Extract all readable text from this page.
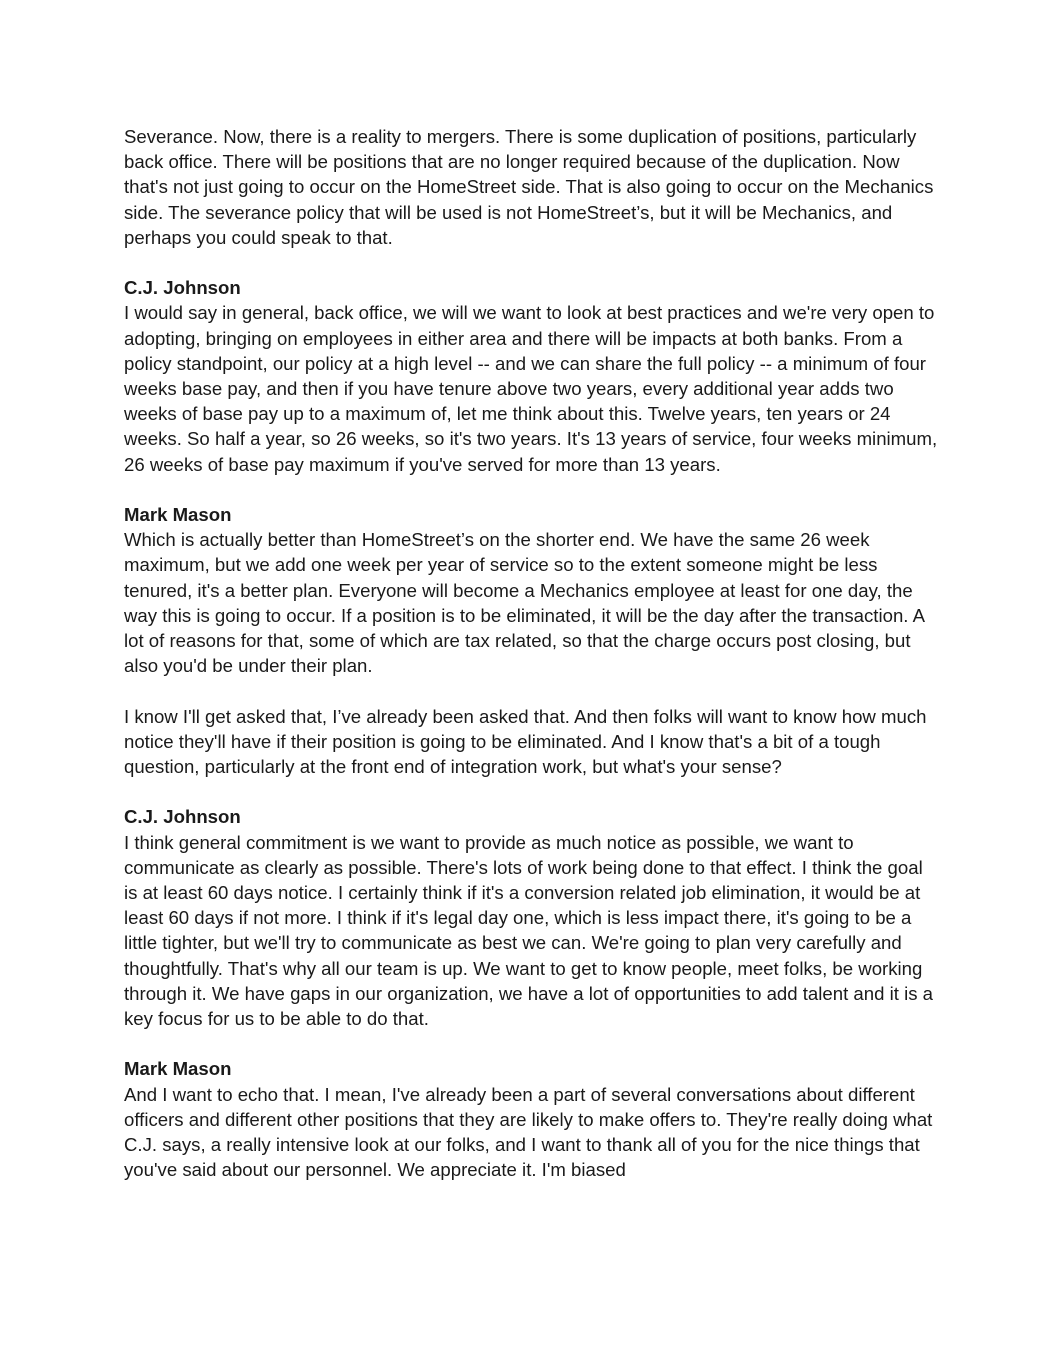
Severance. Now, there is a reality to mergers. There is some duplication of positions, particularly back office. There will be positions that are no longer required because of the duplication. Now that's not just going to occur on the HomeStreet side. That is also going to occur on the Mechanics side. The severance policy that will be used is not HomeStreet’s, but it will be Mechanics, and perhaps you could speak to that.
C.J. Johnson
I would say in general, back office, we will we want to look at best practices and we're very open to adopting, bringing on employees in either area and there will be impacts at both banks. From a policy standpoint, our policy at a high level -- and we can share the full policy -- a minimum of four weeks base pay, and then if you have tenure above two years, every additional year adds two weeks of base pay up to a maximum of, let me think about this. Twelve years, ten years or 24 weeks. So half a year, so 26 weeks, so it's two years. It's 13 years of service, four weeks minimum, 26 weeks of base pay maximum if you've served for more than 13 years.
Mark Mason
Which is actually better than HomeStreet’s on the shorter end. We have the same 26 week maximum, but we add one week per year of service so to the extent someone might be less tenured, it's a better plan. Everyone will become a Mechanics employee at least for one day, the way this is going to occur. If a position is to be eliminated, it will be the day after the transaction. A lot of reasons for that, some of which are tax related, so that the charge occurs post closing, but also you'd be under their plan.
I know I'll get asked that, I’ve already been asked that. And then folks will want to know how much notice they'll have if their position is going to be eliminated. And I know that's a bit of a tough question, particularly at the front end of integration work, but what's your sense?
C.J. Johnson
I think general commitment is we want to provide as much notice as possible, we want to communicate as clearly as possible. There's lots of work being done to that effect. I think the goal is at least 60 days notice. I certainly think if it's a conversion related job elimination, it would be at least 60 days if not more. I think if it's legal day one, which is less impact there, it's going to be a little tighter, but we'll try to communicate as best we can. We're going to plan very carefully and thoughtfully. That's why all our team is up. We want to get to know people, meet folks, be working through it. We have gaps in our organization, we have a lot of opportunities to add talent and it is a key focus for us to be able to do that.
Mark Mason
And I want to echo that. I mean, I've already been a part of several conversations about different officers and different other positions that they are likely to make offers to. They're really doing what C.J. says, a really intensive look at our folks, and I want to thank all of you for the nice things that you've said about our personnel. We appreciate it. I'm biased
